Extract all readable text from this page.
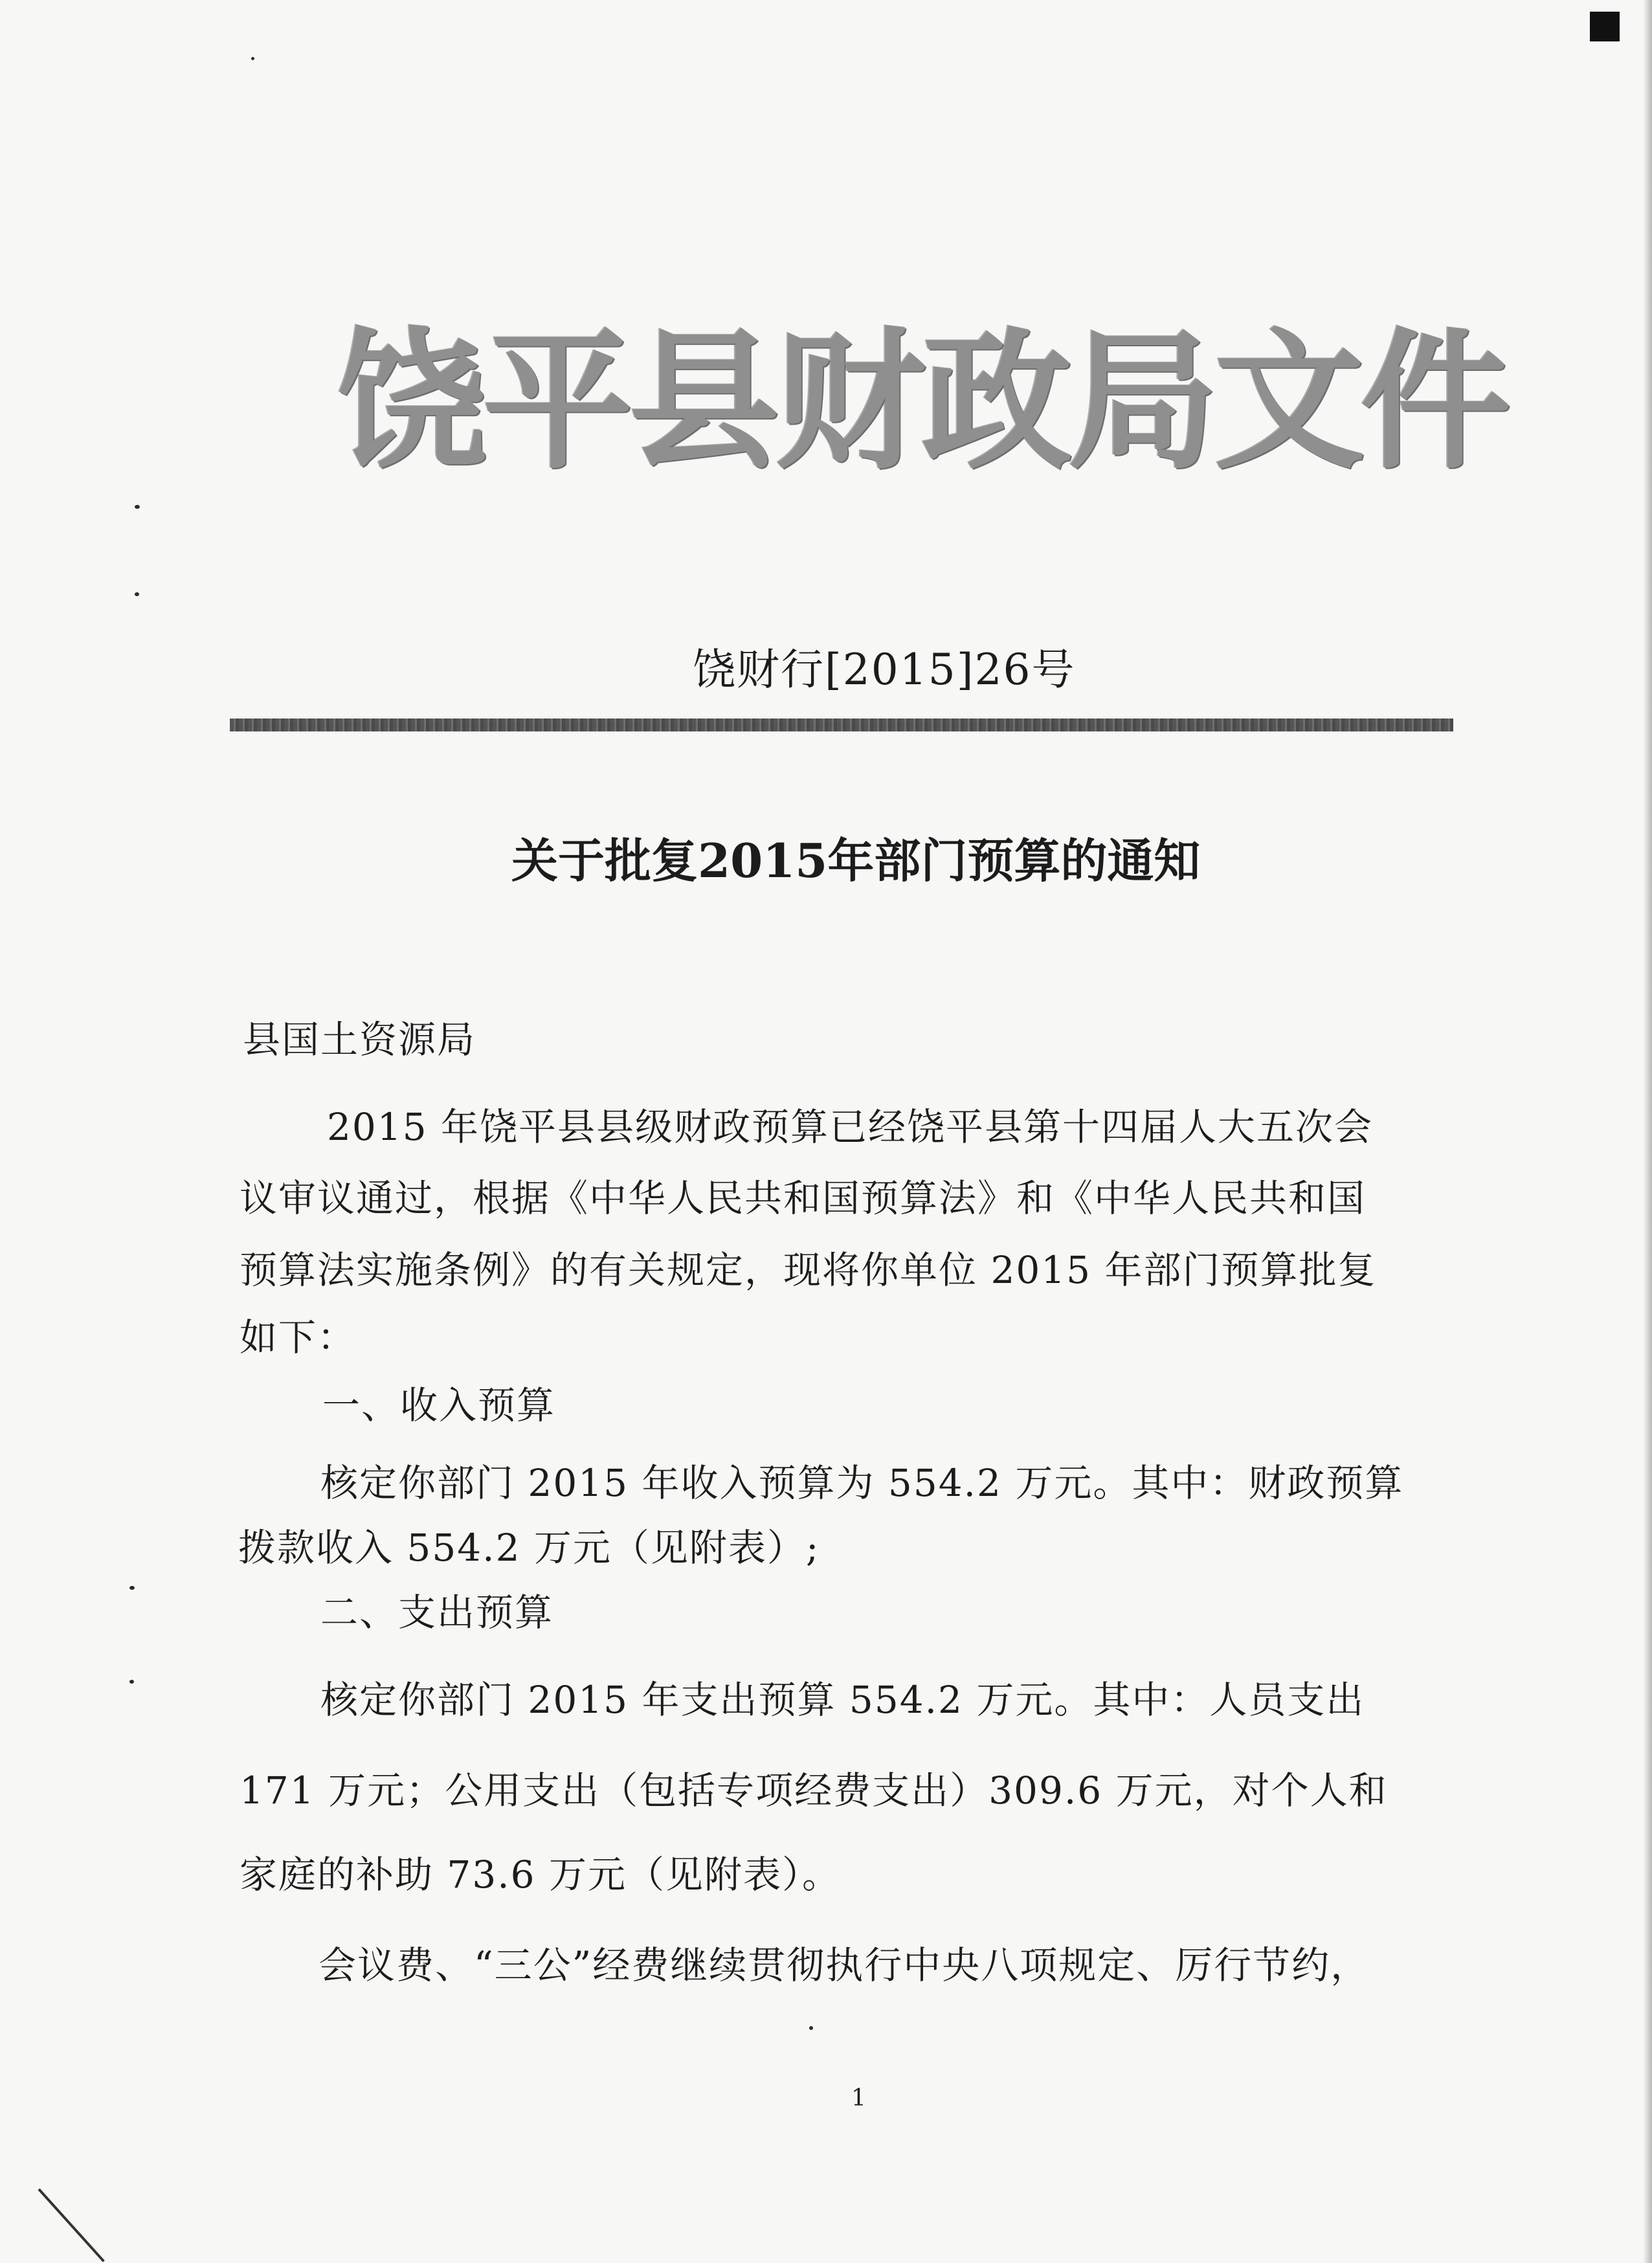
饶平县财政局文件
饶财行[2015]26号
关于批复2015年部门预算的通知
县国土资源局
2015 年饶平县县级财政预算已经饶平县第十四届人大五次会
议审议通过，根据《中华人民共和国预算法》和《中华人民共和国
预算法实施条例》的有关规定，现将你单位 2015 年部门预算批复
如下：
一、收入预算
核定你部门 2015 年收入预算为 554.2 万元。其中：财政预算
拨款收入 554.2 万元（见附表）;
二、支出预算
核定你部门 2015 年支出预算 554.2 万元。其中：人员支出
171 万元；公用支出（包括专项经费支出）309.6 万元，对个人和
家庭的补助 73.6 万元（见附表）。
会议费、“三公”经费继续贯彻执行中央八项规定、厉行节约，
1
